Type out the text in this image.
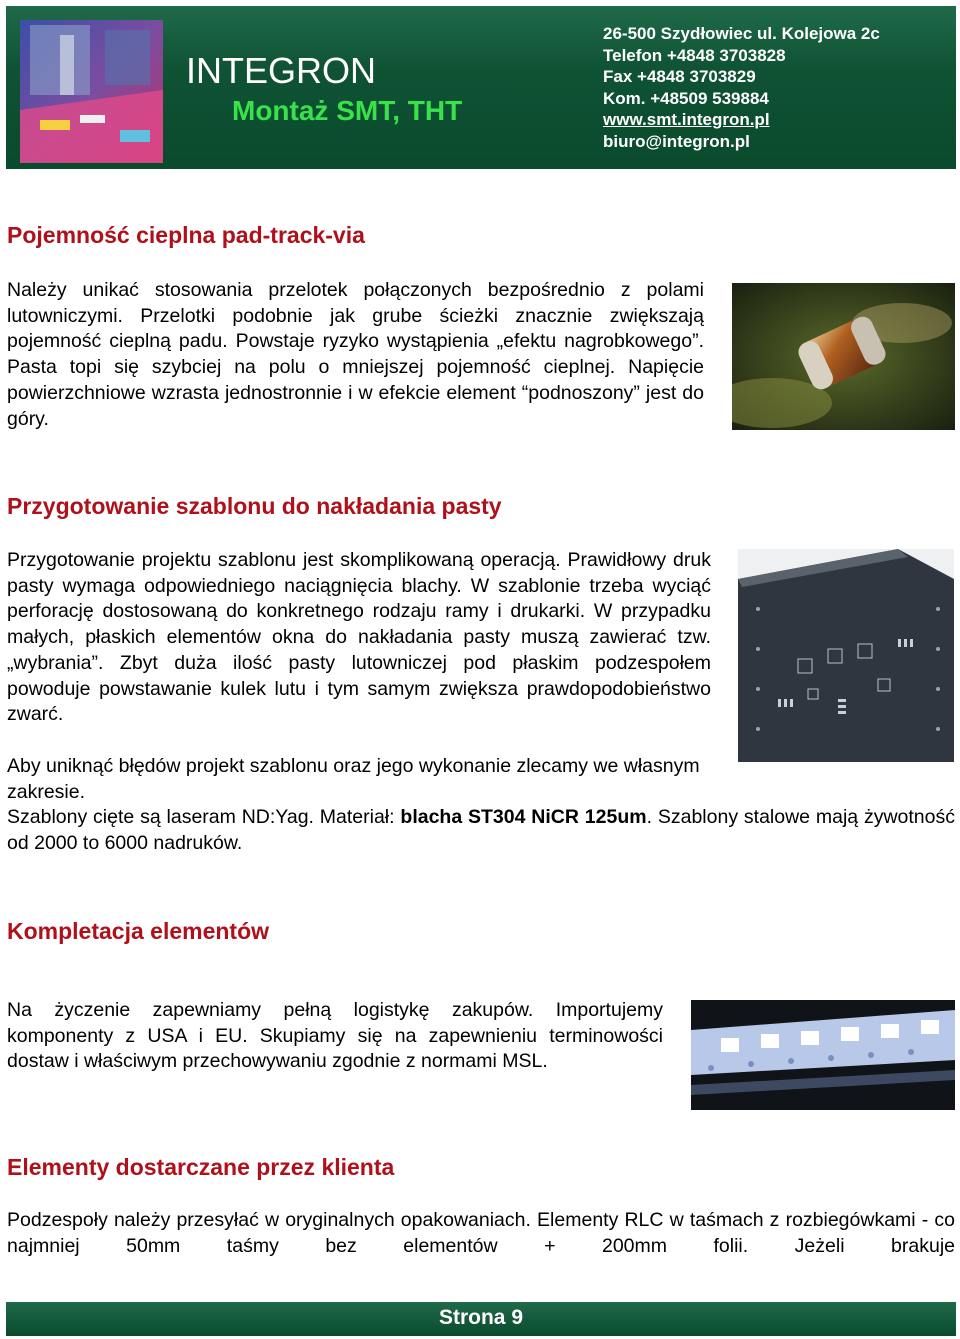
INTEGRON
Montaż SMT, THT
26-500 Szydłowiec ul. Kolejowa 2c
Telefon +4848 3703828
Fax +4848 3703829
Kom. +48509 539884
www.smt.integron.pl
biuro@integron.pl
Pojemność cieplna pad-track-via

Należy unikać stosowania przelotek połączonych bezpośrednio z polami lutowniczymi. Przelotki podobnie jak grube ścieżki znacznie zwiększają pojemność cieplną padu. Powstaje ryzyko wystąpienia „efektu nagrobkowego”. Pasta topi się szybciej na polu o mniejszej pojemność cieplnej. Napięcie powierzchniowe wzrasta jednostronnie i w efekcie element “podnoszony” jest do góry.

Przygotowanie szablonu do nakładania pasty

Przygotowanie projektu szablonu jest skomplikowaną operacją. Prawidłowy druk pasty wymaga odpowiedniego naciągnięcia blachy. W szablonie trzeba wyciąć perforację dostosowaną do konkretnego rodzaju ramy i drukarki. W przypadku małych, płaskich elementów okna do nakładania pasty muszą zawierać tzw. „wybrania”. Zbyt duża ilość pasty lutowniczej pod płaskim podzespołem powoduje powstawanie kulek lutu i tym samym zwiększa prawdopodobieństwo zwarć.

Aby uniknąć błędów projekt szablonu oraz jego wykonanie zlecamy we własnym zakresie.

Szablony cięte są laseram ND:Yag. Materiał: blacha ST304 NiCR 125um. Szablony stalowe mają żywotność od 2000 to 6000 nadruków.

Kompletacja elementów

Na życzenie zapewniamy pełną logistykę zakupów. Importujemy komponenty z USA i EU. Skupiamy się na zapewnieniu terminowości dostaw i właściwym przechowywaniu zgodnie z normami MSL.

Elementy dostarczane przez klienta

Podzespoły należy przesyłać w oryginalnych opakowaniach. Elementy RLC w taśmach z rozbiegówkami - co najmniej 50mm taśmy bez elementów + 200mm folii. Jeżeli brakuje

Strona 9
